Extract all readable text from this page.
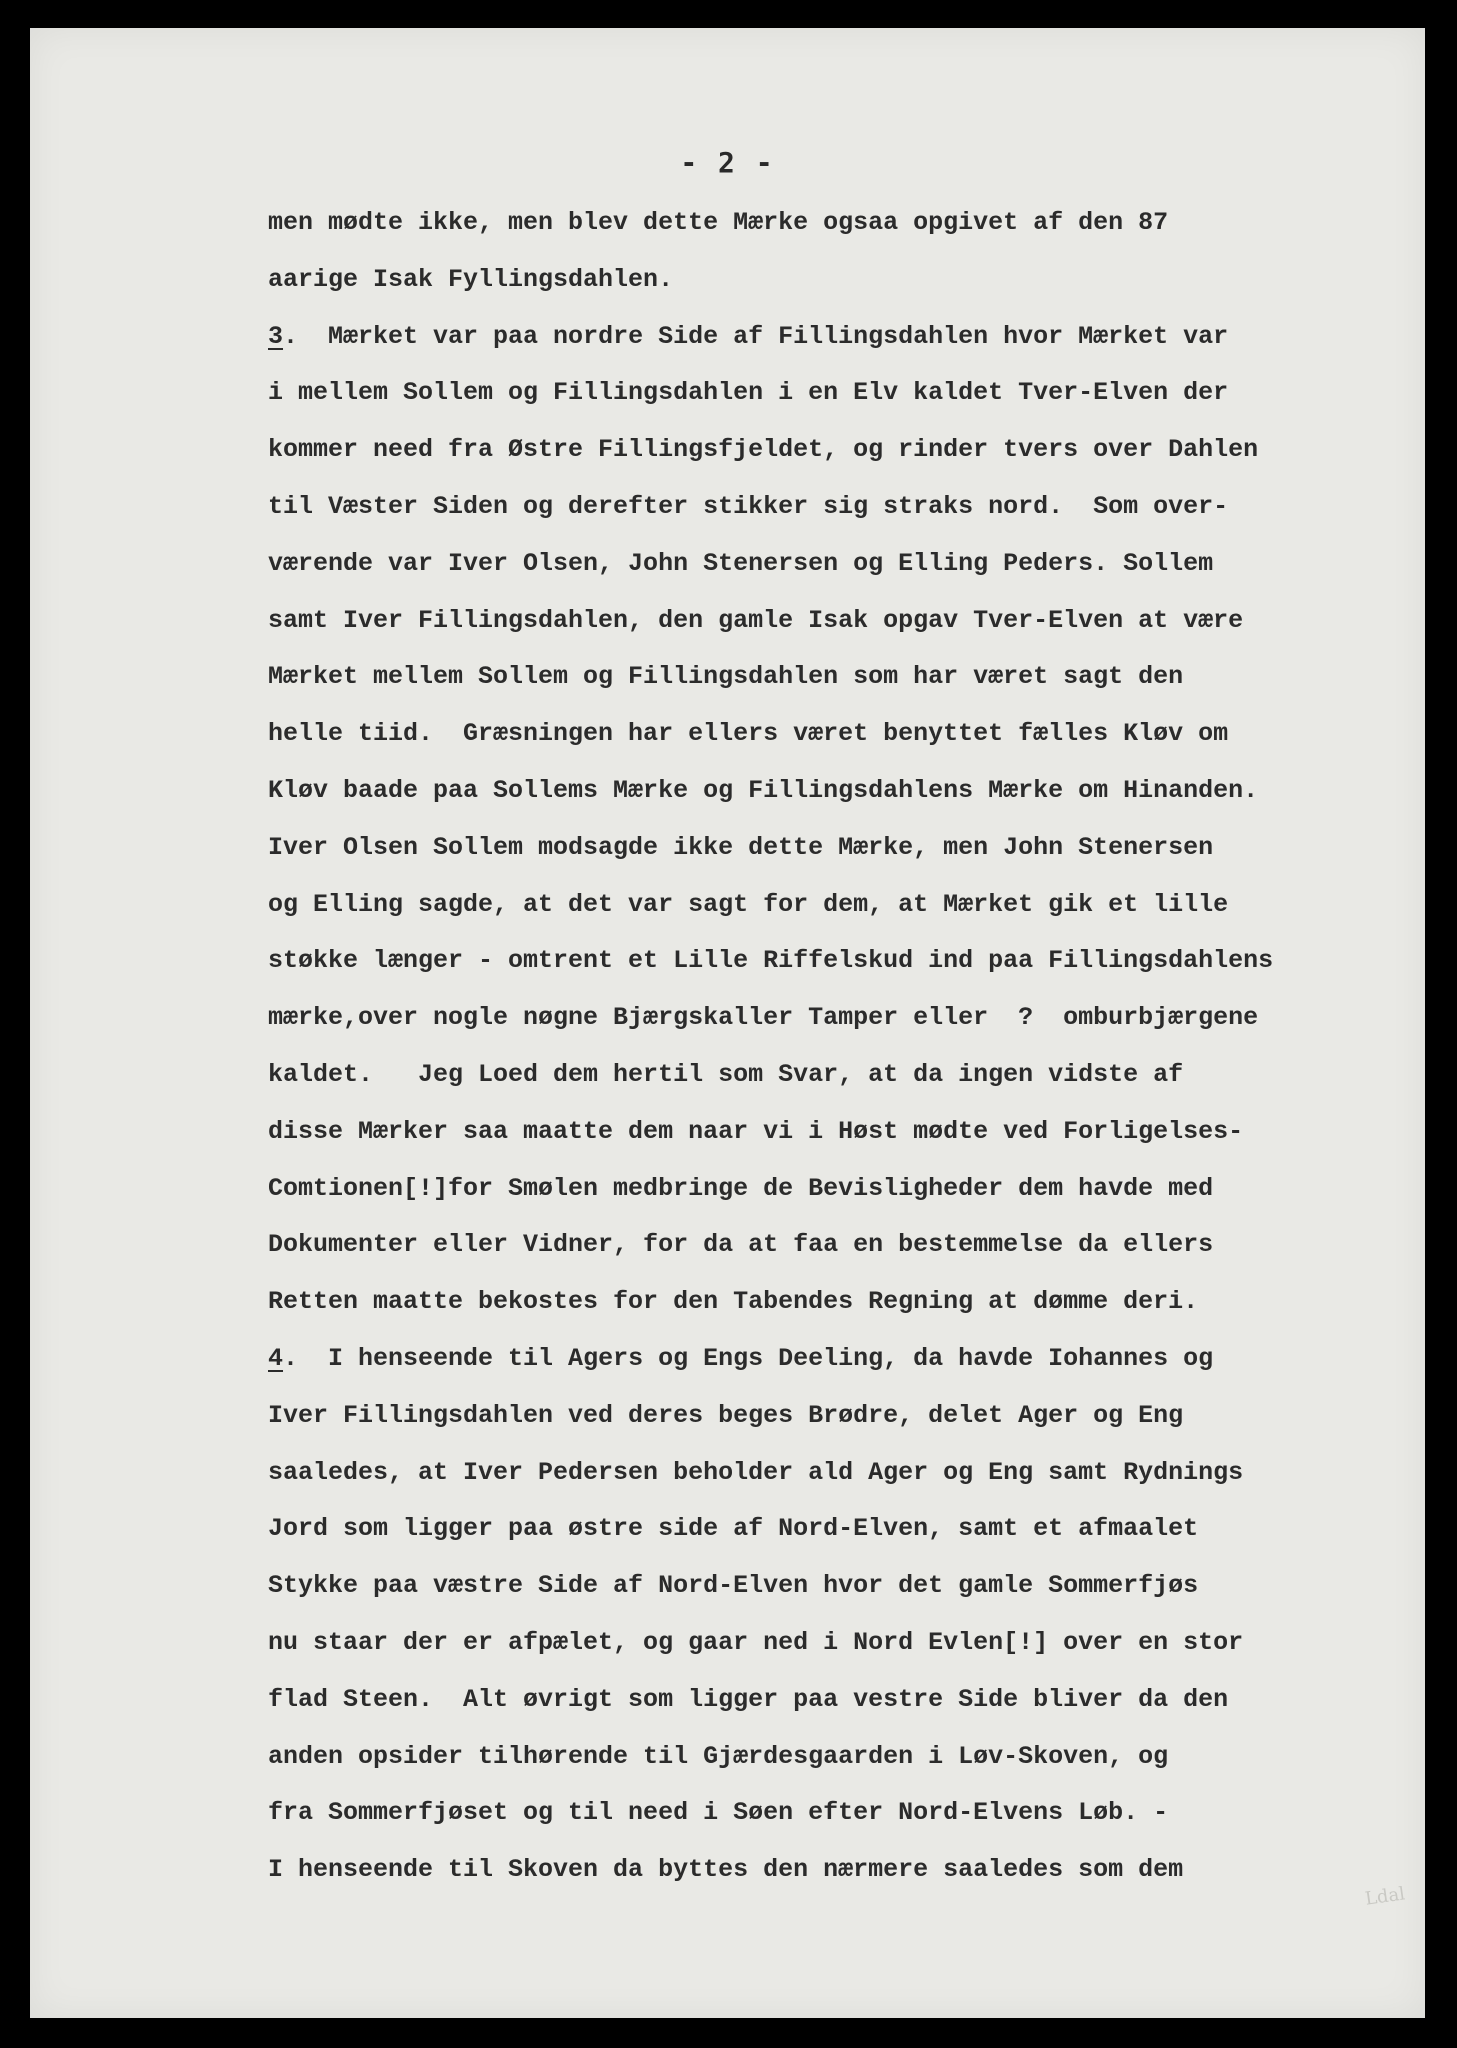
- 2 -
Ldal
men mødte ikke, men blev dette Mærke ogsaa opgivet af den 87
aarige Isak Fyllingsdahlen.
3.  Mærket var paa nordre Side af Fillingsdahlen hvor Mærket var
i mellem Sollem og Fillingsdahlen i en Elv kaldet Tver-Elven der
kommer need fra Østre Fillingsfjeldet, og rinder tvers over Dahlen
til Væster Siden og derefter stikker sig straks nord.  Som over-
værende var Iver Olsen, John Stenersen og Elling Peders. Sollem
samt Iver Fillingsdahlen, den gamle Isak opgav Tver-Elven at være
Mærket mellem Sollem og Fillingsdahlen som har været sagt den
helle tiid.  Græsningen har ellers været benyttet fælles Kløv om
Kløv baade paa Sollems Mærke og Fillingsdahlens Mærke om Hinanden.
Iver Olsen Sollem modsagde ikke dette Mærke, men John Stenersen
og Elling sagde, at det var sagt for dem, at Mærket gik et lille
støkke længer - omtrent et Lille Riffelskud ind paa Fillingsdahlens
mærke,over nogle nøgne Bjærgskaller Tamper eller  ?  omburbjærgene
kaldet.   Jeg Loed dem hertil som Svar, at da ingen vidste af
disse Mærker saa maatte dem naar vi i Høst mødte ved Forligelses-
Comtionen[!]for Smølen medbringe de Bevisligheder dem havde med
Dokumenter eller Vidner, for da at faa en bestemmelse da ellers
Retten maatte bekostes for den Tabendes Regning at dømme deri.
4.  I henseende til Agers og Engs Deeling, da havde Iohannes og
Iver Fillingsdahlen ved deres beges Brødre, delet Ager og Eng
saaledes, at Iver Pedersen beholder ald Ager og Eng samt Rydnings
Jord som ligger paa østre side af Nord-Elven, samt et afmaalet
Stykke paa væstre Side af Nord-Elven hvor det gamle Sommerfjøs
nu staar der er afpælet, og gaar ned i Nord Evlen[!] over en stor
flad Steen.  Alt øvrigt som ligger paa vestre Side bliver da den
anden opsider tilhørende til Gjærdesgaarden i Løv-Skoven, og
fra Sommerfjøset og til need i Søen efter Nord-Elvens Løb. -
I henseende til Skoven da byttes den nærmere saaledes som dem
